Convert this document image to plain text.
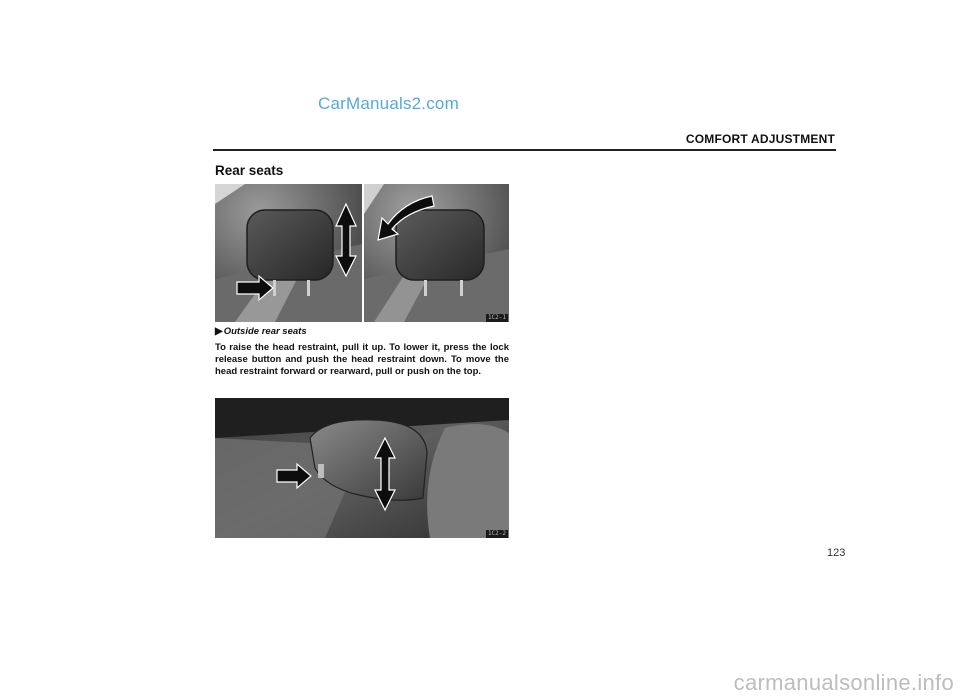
CarManuals2.com
COMFORT ADJUSTMENT
Rear seats
1C2-1
▶Outside rear seats
To raise the head restraint, pull it up. To lower it, press the lock release button and push the head restraint down. To move the head restraint forward or rearward, pull or push on the top.
1C2-2
123
carmanualsonline.info
